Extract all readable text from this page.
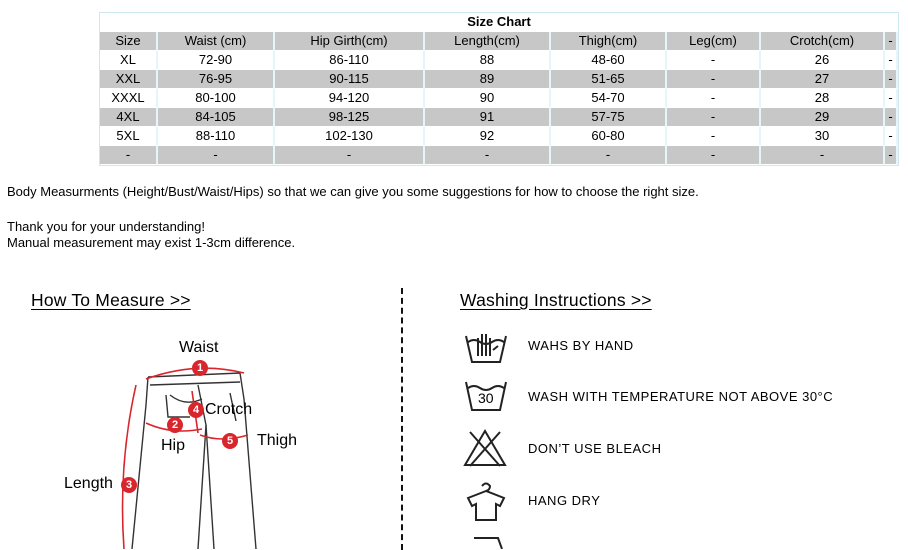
Size Chart							
Size	Waist (cm)	Hip Girth(cm)	Length(cm)	Thigh(cm)	Leg(cm)	Crotch(cm)	-
XL	72-90	86-110	88	48-60	-	26	-
XXL	76-95	90-115	89	51-65	-	27	-
XXXL	80-100	94-120	90	54-70	-	28	-
4XL	84-105	98-125	91	57-75	-	29	-
5XL	88-110	102-130	92	60-80	-	30	-
-	-	-	-	-	-	-	-

Body Measurments (Height/Bust/Waist/Hips) so that we can give you some suggestions for how to choose the right size.

Thank you for your understanding!

Manual measurement may exist 1-3cm difference.

How To Measure >>
Waist
Crotch
Hip	Thigh
Length
1
2
3
4
5
Washing Instructions >>
WAHS BY HAND
30	WASH WITH TEMPERATURE NOT ABOVE 30°C
DON’T USE BLEACH
HANG DRY
